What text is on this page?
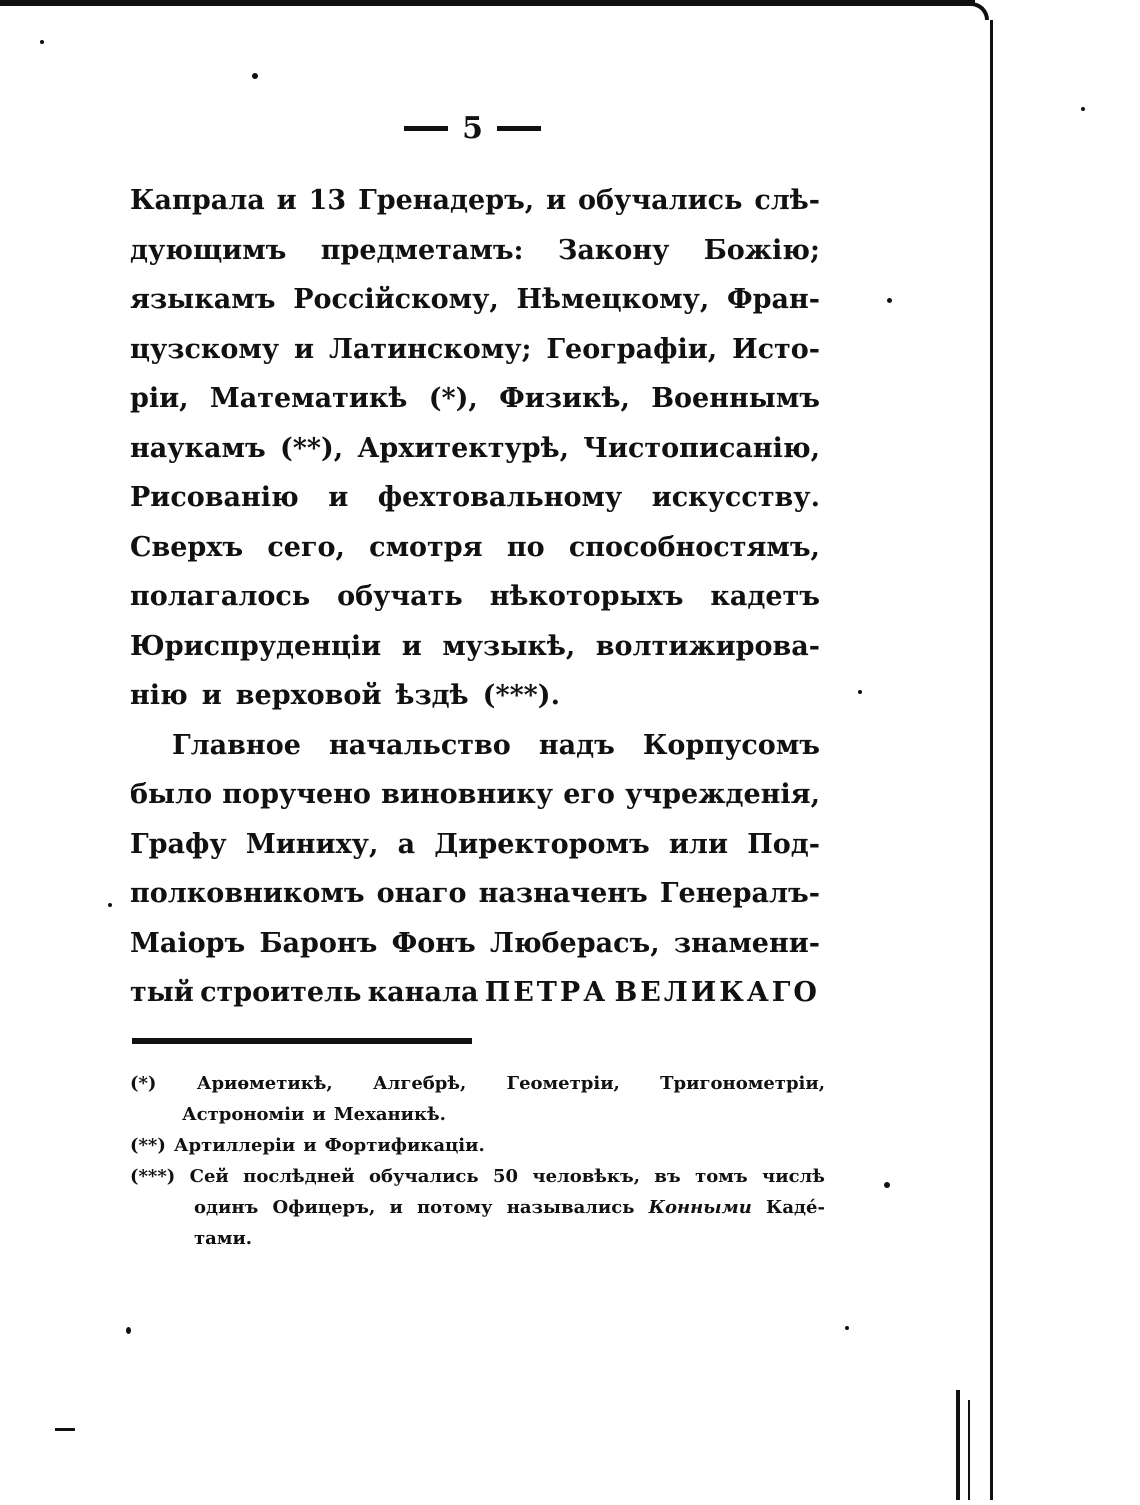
5
Капрала и 13 Гренадеръ, и обучались слѣ-
дующимъ предметамъ: Закону Божію;
языкамъ Россійскому, Нѣмецкому, Фран-
цузскому и Латинскому; Географіи, Исто-
ріи, Математикѣ (*), Физикѣ, Военнымъ
наукамъ (**), Архитектурѣ, Чистописанію,
Рисованію и фехтовальному искусству.
Сверхъ сего, смотря по способностямъ,
полагалось обучать нѣкоторыхъ кадетъ
Юриспруденціи и музыкѣ, волтижирова-
нію и верховой ѣздѣ (***).
Главное начальство надъ Корпусомъ
было поручено виновнику его учрежденія,
Графу Миниху, а Директоромъ или Под-
полковникомъ онаго назначенъ Генералъ-
Маіоръ Баронъ Фонъ Люберасъ, знамени-
тый строитель канала ПЕТРА ВЕЛИКАГО
(*) Ариѳметикѣ, Алгебрѣ, Геометріи, Тригонометріи,
Астрономіи и Механикѣ.
(**) Артиллеріи и Фортификаціи.
(***) Сей послѣдней обучались 50 человѣкъ, въ томъ числѣ
одинъ Офицеръ, и потому назывались Конными Кадé-
тами.
